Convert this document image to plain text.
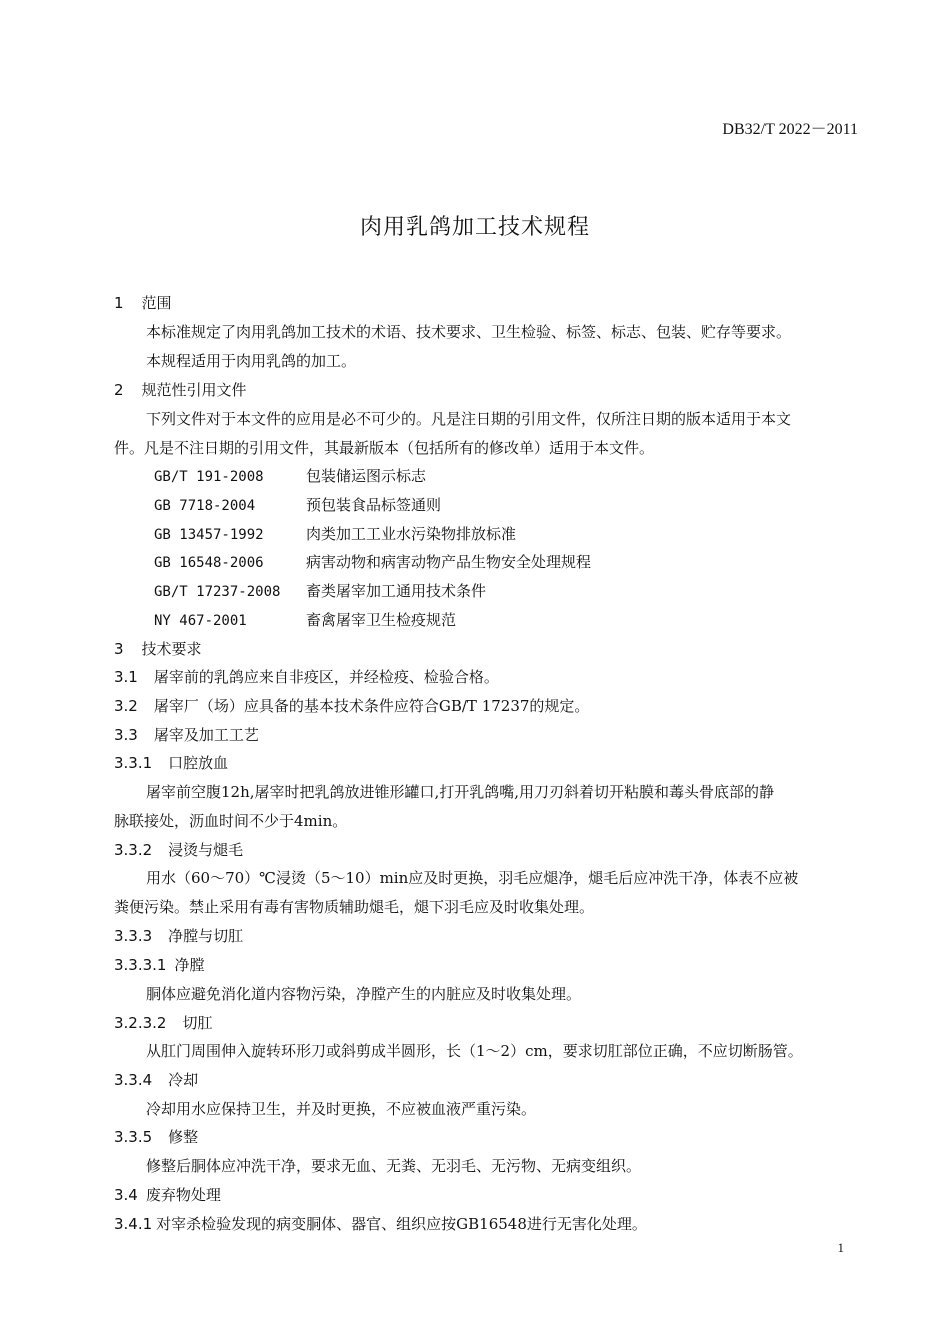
DB32/T 2022－2011
肉用乳鸽加工技术规程
1 范围
本标准规定了肉用乳鸽加工技术的术语、技术要求、卫生检验、标签、标志、包装、贮存等要求。
本规程适用于肉用乳鸽的加工。
2 规范性引用文件
下列文件对于本文件的应用是必不可少的。凡是注日期的引用文件，仅所注日期的版本适用于本文
件。凡是不注日期的引用文件，其最新版本（包括所有的修改单）适用于本文件。
GB/T 191-2008	包装储运图示标志
GB 7718-2004	预包装食品标签通则
GB 13457-1992	肉类加工工业水污染物排放标准
GB 16548-2006	病害动物和病害动物产品生物安全处理规程
GB/T 17237-2008 畜类屠宰加工通用技术条件
NY 467-2001	畜禽屠宰卫生检疫规范
3 技术要求
3.1 屠宰前的乳鸽应来自非疫区，并经检疫、检验合格。
3.2 屠宰厂（场）应具备的基本技术条件应符合GB/T 17237的规定。
3.3 屠宰及加工工艺
3.3.1 口腔放血
屠宰前空腹12h,屠宰时把乳鸽放进锥形罐口,打开乳鸽嘴,用刀刃斜着切开粘膜和䓯头骨底部的静
脉联接处，沥血时间不少于4min。
3.3.2 浸烫与煺毛
用水（60～70）℃浸烫（5～10）min应及时更换，羽毛应煺净，煺毛后应冲洗干净，体表不应被
粪便污染。禁止采用有毒有害物质辅助煺毛，煺下羽毛应及时收集处理。
3.3.3 净膛与切肛
3.3.3.1 净膛
胴体应避免消化道内容物污染，净膛产生的内脏应及时收集处理。
3.2.3.2 切肛
从肛门周围伸入旋转环形刀或斜剪成半圆形，长（1～2）cm，要求切肛部位正确，不应切断肠管。
3.3.4 冷却
冷却用水应保持卫生，并及时更换，不应被血液严重污染。
3.3.5 修整
修整后胴体应冲洗干净，要求无血、无粪、无羽毛、无污物、无病变组织。
3.4 废弃物处理
3.4.1 对宰杀检验发现的病变胴体、器官、组织应按GB16548进行无害化处理。
1
